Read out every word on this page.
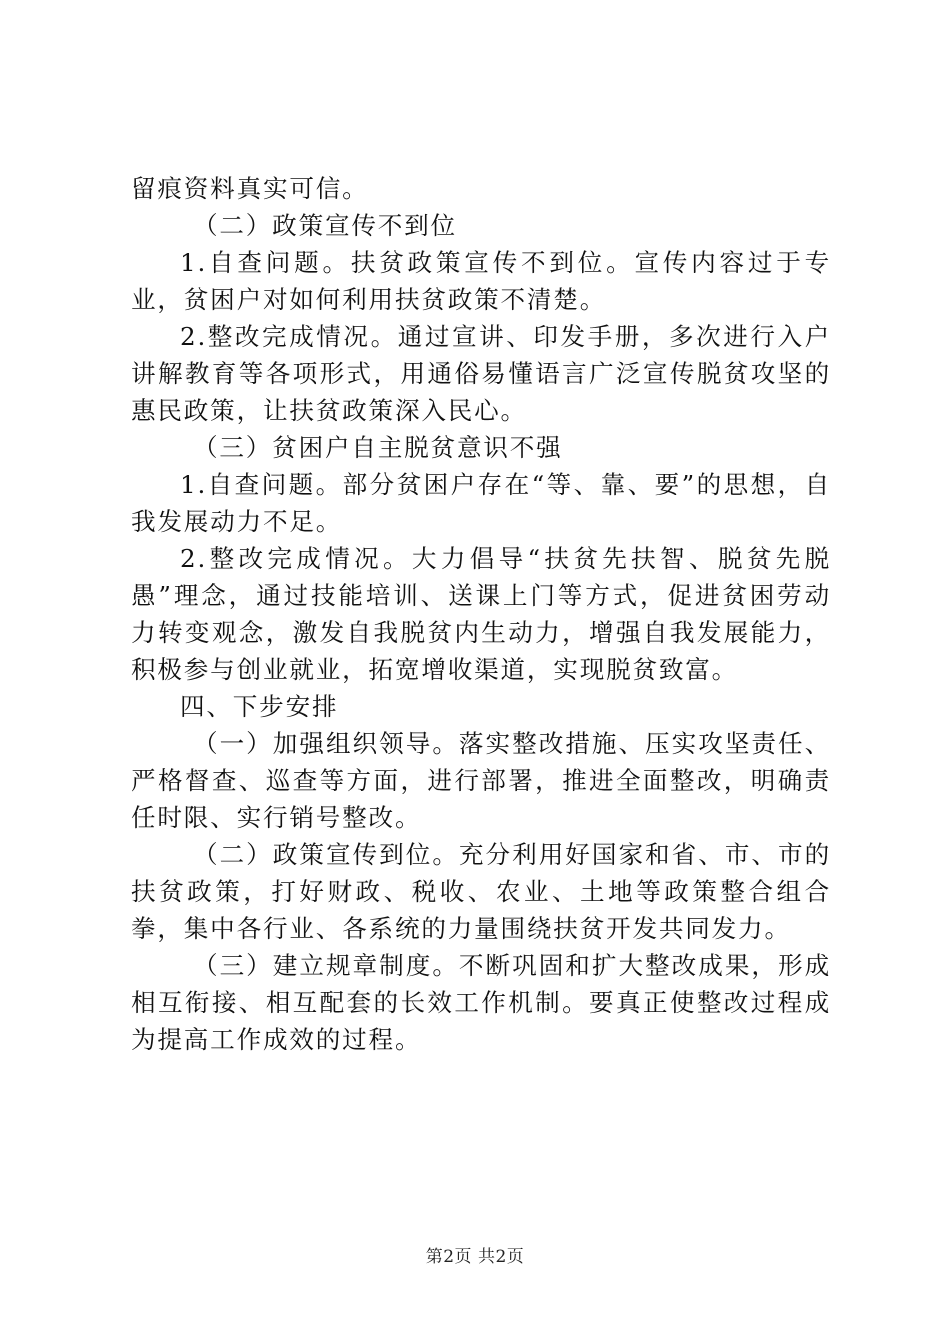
留痕资料真实可信。

（二）政策宣传不到位

1.自查问题。扶贫政策宣传不到位。宣传内容过于专业，贫困户对如何利用扶贫政策不清楚。

2.整改完成情况。通过宣讲、印发手册，多次进行入户讲解教育等各项形式，用通俗易懂语言广泛宣传脱贫攻坚的惠民政策，让扶贫政策深入民心。

（三）贫困户自主脱贫意识不强

1.自查问题。部分贫困户存在“等、靠、要”的思想，自我发展动力不足。

2.整改完成情况。大力倡导“扶贫先扶智、脱贫先脱愚”理念，通过技能培训、送课上门等方式，促进贫困劳动力转变观念，激发自我脱贫内生动力，增强自我发展能力，积极参与创业就业，拓宽增收渠道，实现脱贫致富。

四、下步安排

（一）加强组织领导。落实整改措施、压实攻坚责任、严格督查、巡查等方面，进行部署，推进全面整改，明确责任时限、实行销号整改。

（二）政策宣传到位。充分利用好国家和省、市、市的扶贫政策，打好财政、税收、农业、土地等政策整合组合拳，集中各行业、各系统的力量围绕扶贫开发共同发力。

（三）建立规章制度。不断巩固和扩大整改成果，形成相互衔接、相互配套的长效工作机制。要真正使整改过程成为提高工作成效的过程。

第2页 共2页
